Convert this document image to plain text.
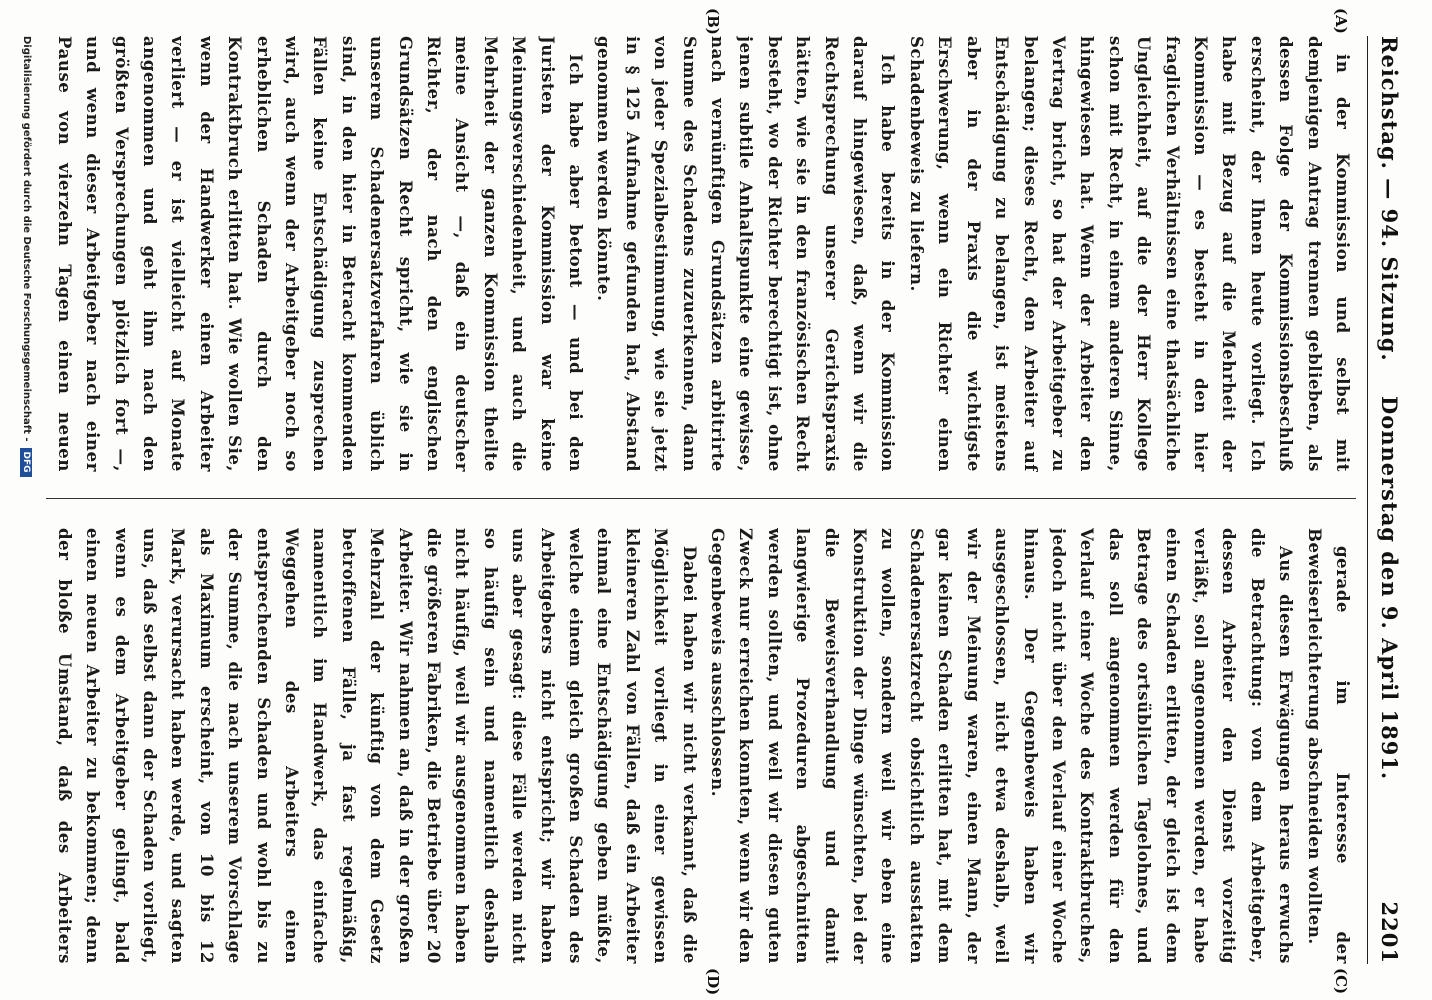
Reichstag. — 94. Sitzung.
Donnerstag den 9. April 1891.
2201
(A)
(B)
(C)
(D)

in der Kommission und selbst mit demjenigen Antrag trennen geblieben, als dessen Folge der Kommissionsbeschluß erscheint, der Ihnen heute vorliegt. Ich habe mit Bezug auf die Mehrheit der Kommission — es besteht in den hier fraglichen Verhältnissen eine thatsächliche Ungleichheit, auf die der Herr Kollege schon mit Recht, in einem anderen Sinne, hingewiesen hat. Wenn der Arbeiter den Vertrag bricht, so hat der Arbeitgeber zu belangen; dieses Recht, den Arbeiter auf Entschädigung zu belangen, ist meistens aber in der Praxis die wichtigste Erschwerung, wenn ein Richter einen Schadenbeweis zu liefern.

Ich habe bereits in der Kommission darauf hingewiesen, daß, wenn wir die Rechtsprechung unserer Gerichtspraxis hätten, wie sie in den französischen Recht besteht, wo der Richter berechtigt ist, ohne jenen subtile Anhaltspunkte eine gewisse, nach vernünftigen Grundsätzen arbitrirte Summe des Schadens zuzuerkennen, dann von jeder Spezialbestimmung, wie sie jetzt in § 125 Aufnahme gefunden hat, Abstand genommen werden könnte.

Ich habe aber betont — und bei den Juristen der Kommission war keine Meinungsverschiedenheit, und auch die Mehrheit der ganzen Kommission theilte meine Ansicht —, daß ein deutscher Richter, der nach den englischen Grundsätzen Recht spricht, wie sie in unserem Schadenersatzverfahren üblich sind, in den hier in Betracht kommenden Fällen keine Entschädigung zusprechen wird, auch wenn der Arbeitgeber noch so erheblichen Schaden durch den Kontraktbruch erlitten hat. Wie wollen Sie, wenn der Handwerker einen Arbeiter verliert — er ist vielleicht auf Monate angenommen und geht ihm nach den größten Versprechungen plötzlich fort —, und wenn dieser Arbeitgeber nach einer Pause von vierzehn Tagen einen neuen

gerade im Interesse der Beweiserleichterung abschneiden wollten.

Aus diesen Erwägungen heraus erwuchs die Betrachtung: von dem Arbeitgeber, dessen Arbeiter den Dienst vorzeitig verläßt, soll angenommen werden, er habe einen Schaden erlitten, der gleich ist dem Betrage des ortsüblichen Tagelohnes, und das soll angenommen werden für den Verlauf einer Woche des Kontraktbruches, jedoch nicht über den Verlauf einer Woche hinaus. Der Gegenbeweis haben wir ausgeschlossen, nicht etwa deshalb, weil wir der Meinung waren, einen Mann, der gar keinen Schaden erlitten hat, mit dem Schadenersatzrecht obsichtlich ausstatten zu wollen, sondern weil wir eben eine Konstruktion der Dinge wünschten, bei der die Beweisverhandlung und damit langwierige Prozeduren abgeschnitten werden sollten, und weil wir diesen guten Zweck nur erreichen konnten, wenn wir den Gegenbeweis ausschlossen.

Dabei haben wir nicht verkannt, daß die Möglichkeit vorliegt in einer gewissen kleineren Zahl von Fällen, daß ein Arbeiter einmal eine Entschädigung geben müßte, welche einem gleich großen Schaden des Arbeitgebers nicht entspricht; wir haben uns aber gesagt: diese Fälle werden nicht so häufig sein und namentlich deshalb nicht häufig, weil wir ausgenommen haben die größeren Fabriken, die Betriebe über 20 Arbeiter. Wir nahmen an, daß in der großen Mehrzahl der künftig von dem Gesetz betroffenen Fälle, ja fast regelmäßig, namentlich im Handwerk, das einfache Weggehen des Arbeiters einen entsprechenden Schaden und wohl bis zu der Summe, die nach unserem Vorschlage als Maximum erscheint, von 10 bis 12 Mark, verursacht haben werde, und sagten uns, daß selbst dann der Schaden vorliegt, wenn es dem Arbeitgeber gelingt, bald einen neuen Arbeiter zu bekommen; denn der bloße Umstand, daß des Arbeiters

Digitalisierung gefördert durch die Deutsche Forschungsgemeinschaft -DFG
